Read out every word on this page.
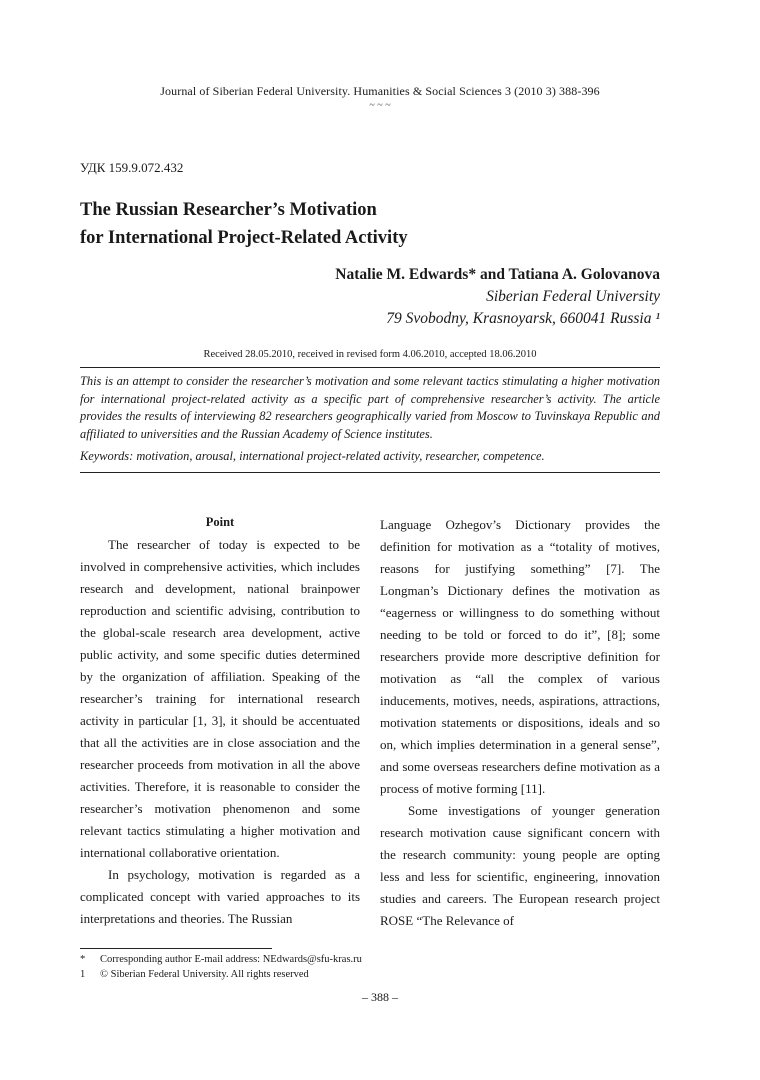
Journal of Siberian Federal University. Humanities & Social Sciences 3 (2010 3) 388-396
~ ~ ~
УДК 159.9.072.432
The Russian Researcher’s Motivation
for International Project-Related Activity
Natalie M. Edwards* and Tatiana A. Golovanova
Siberian Federal University
79 Svobodny, Krasnoyarsk, 660041 Russia ¹
Received 28.05.2010, received in revised form 4.06.2010, accepted 18.06.2010

This is an attempt to consider the researcher’s motivation and some relevant tactics stimulating a higher motivation for international project-related activity as a specific part of comprehensive researcher’s activity. The article provides the results of interviewing 82 researchers geographically varied from Moscow to Tuvinskaya Republic and affiliated to universities and the Russian Academy of Science institutes.

Keywords: motivation, arousal, international project-related activity, researcher, competence.

Point

The researcher of today is expected to be involved in comprehensive activities, which includes research and development, national brainpower reproduction and scientific advising, contribution to the global-scale research area development, active public activity, and some specific duties determined by the organization of affiliation. Speaking of the researcher’s training for international research activity in particular [1, 3], it should be accentuated that all the activities are in close association and the researcher proceeds from motivation in all the above activities. Therefore, it is reasonable to consider the researcher’s motivation phenomenon and some relevant tactics stimulating a higher motivation and international collaborative orientation.

In psychology, motivation is regarded as a complicated concept with varied approaches to its interpretations and theories. The Russian

Language Ozhegov’s Dictionary provides the definition for motivation as a “totality of motives, reasons for justifying something” [7]. The Longman’s Dictionary defines the motivation as “eagerness or willingness to do something without needing to be told or forced to do it”, [8]; some researchers provide more descriptive definition for motivation as “all the complex of various inducements, motives, needs, aspirations, attractions, motivation statements or dispositions, ideals and so on, which implies determination in a general sense”, and some overseas researchers define motivation as a process of motive forming [11].

Some investigations of younger generation research motivation cause significant concern with the research community: young people are opting less and less for scientific, engineering, innovation studies and careers. The European research project ROSE “The Relevance of

*	Corresponding author E-mail address: NEdwards@sfu-kras.ru
1	© Siberian Federal University. All rights reserved
– 388 –
